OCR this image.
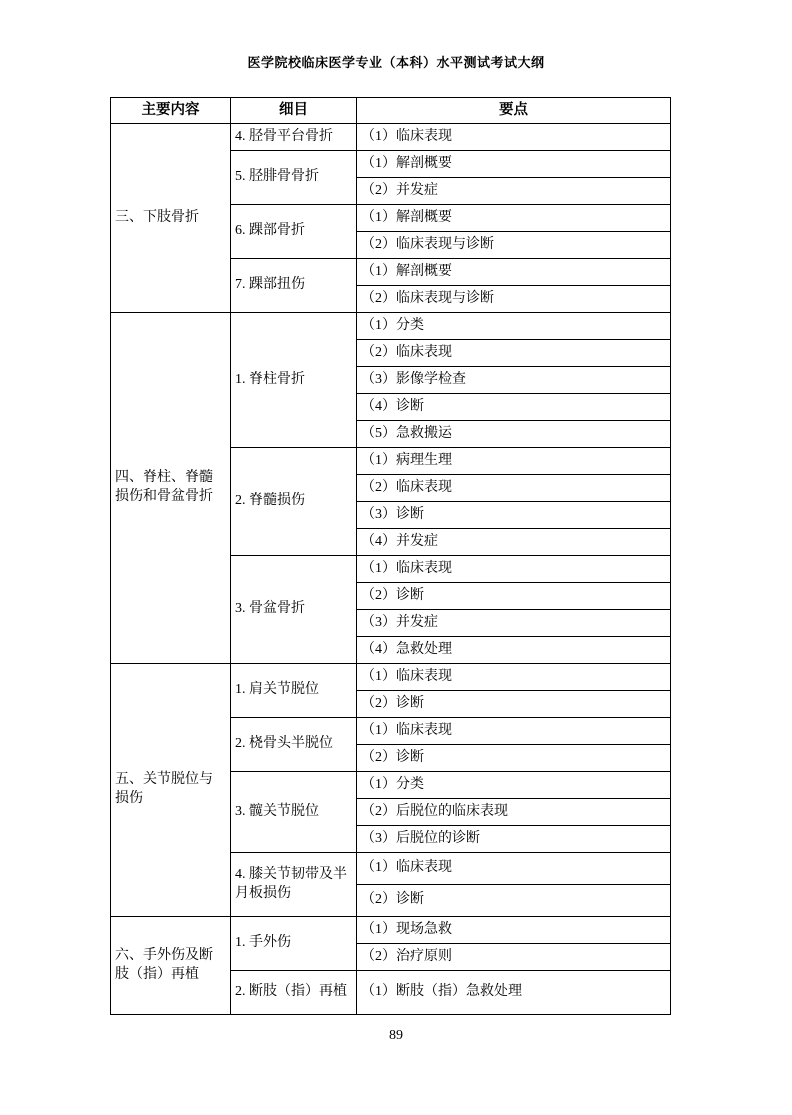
医学院校临床医学专业（本科）水平测试考试大纲
主要内容	细目	要点
三、下肢骨折	4. 胫骨平台骨折	（1）临床表现
	5. 胫腓骨骨折	（1）解剖概要
		（2）并发症
	6. 踝部骨折	（1）解剖概要
		（2）临床表现与诊断
	7. 踝部扭伤	（1）解剖概要
		（2）临床表现与诊断
四、脊柱、脊髓损伤和骨盆骨折	1. 脊柱骨折	（1）分类
		（2）临床表现
		（3）影像学检查
		（4）诊断
		（5）急救搬运
	2. 脊髓损伤	（1）病理生理
		（2）临床表现
		（3）诊断
		（4）并发症
	3. 骨盆骨折	（1）临床表现
		（2）诊断
		（3）并发症
		（4）急救处理
五、关节脱位与损伤	1. 肩关节脱位	（1）临床表现
		（2）诊断
	2. 桡骨头半脱位	（1）临床表现
		（2）诊断
	3. 髋关节脱位	（1）分类
		（2）后脱位的临床表现
		（3）后脱位的诊断
	4. 膝关节韧带及半月板损伤	（1）临床表现
		（2）诊断
六、手外伤及断肢（指）再植	1. 手外伤	（1）现场急救
		（2）治疗原则
	2. 断肢（指）再植	（1）断肢（指）急救处理
89
